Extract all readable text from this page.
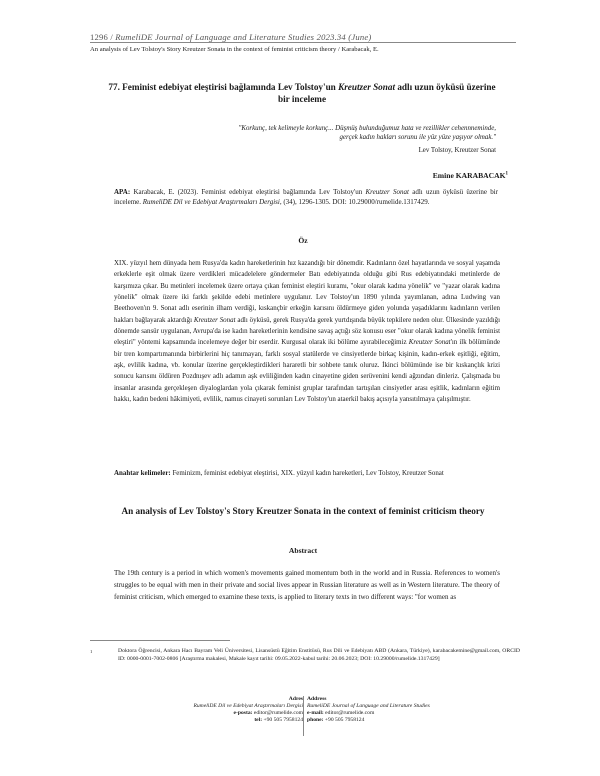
1296 / RumeliDE Journal of Language and Literature Studies 2023.34 (June)
An analysis of Lev Tolstoy's Story Kreutzer Sonata in the context of feminist criticism theory / Karabacak, E.
77. Feminist edebiyat eleştirisi bağlamında Lev Tolstoy'un Kreutzer Sonat adlı uzun öyküsü üzerine bir inceleme
"Korkunç, tek kelimeyle korkunç... Düşmüş bulunduğumuz hata ve rezillikler cehennneminde,
gerçek kadın hakları sorunu ile yüz yüze yaşıyor olmak."
Lev Tolstoy, Kreutzer Sonat
Emine KARABACAK$^1$
APA: Karabacak, E. (2023). Feminist edebiyat eleştirisi bağlamında Lev Tolstoy'un Kreutzer Sonat adlı uzun öyküsü üzerine bir inceleme. RumeliDE Dil ve Edebiyat Araştırmaları Dergisi, (34), 1296-1305. DOI: 10.29000/rumelide.1317429.
Öz
XIX. yüzyıl hem dünyada hem Rusya'da kadın hareketlerinin hız kazandığı bir dönemdir. Kadınların özel hayatlarında ve sosyal yaşamda erkeklerle eşit olmak üzere verdikleri mücadelelere göndermeler Batı edebiyatında olduğu gibi Rus edebiyatındaki metinlerde de karşımıza çıkar. Bu metinleri incelemek üzere ortaya çıkan feminist eleştiri kuramı, "okur olarak kadına yönelik" ve "yazar olarak kadına yönelik" olmak üzere iki farklı şekilde edebi metinlere uygulanır. Lev Tolstoy'un 1890 yılında yayımlanan, adına Ludwing van Beethoven'ın 9. Sonat adlı eserinin ilham verdiği, kıskançbir erkeğin karısını öldürmeye giden yolunda yaşadıklarını kadınların verilen hakları bağlayarak aktardığı Kreutzer Sonat adlı öyküsü, gerek Rusya'da gerek yurtdışında büyük tepkilere neden olur. Ülkesinde yazıldığı dönemde sansür uygulanan, Avrupa'da ise kadın hareketlerinin kendisine savaş açtığı söz konusu eser "okur olarak kadına yönelik feminist eleştiri" yöntemi kapsamında incelemeye değer bir eserdir. Kurgusal olarak iki bölüme ayırabileceğimiz Kreutzer Sonat'ın ilk bölümünde bir tren kompartımanında birbirlerini hiç tanımayan, farklı sosyal statülerde ve cinsiyetlerde birkaç kişinin, kadın-erkek eşitliği, eğitim, aşk, evlilik kadına, vb. konular üzerine gerçekleştirdikleri hararetli bir sohbete tanık oluruz. İkinci bölümünde ise bir kıskançlık krizi sonucu karısını öldüren Pozdnışev adlı adamın aşk evliliğinden kadın cinayetine giden serüvenini kendi ağzından dinleriz. Çalışmada bu insanlar arasında gerçekleşen diyaloglardan yola çıkarak feminist gruplar tarafından tartışılan cinsiyetler arası eşitlik, kadınların eğitim hakkı, kadın bedeni hâkimiyeti, evlilik, namus cinayeti sorunları Lev Tolstoy'un ataerkil bakış açısıyla yansıtılmaya çalışılmıştır.
Anahtar kelimeler: Feminizm, feminist edebiyat eleştirisi, XIX. yüzyıl kadın hareketleri, Lev Tolstoy, Kreutzer Sonat
An analysis of Lev Tolstoy's Story Kreutzer Sonata in the context of feminist criticism theory
Abstract
The 19th century is a period in which women's movements gained momentum both in the world and in Russia. References to women's struggles to be equal with men in their private and social lives appear in Russian literature as well as in Western literature. The theory of feminist criticism, which emerged to examine these texts, is applied to literary texts in two different ways: "for women as
1	Doktora Öğrencisi, Ankara Hacı Bayram Veli Üniversitesi, Lisansüstü Eğitim Enstitüsü, Rus Dili ve Edebiyatı ABD (Ankara, Türkiye), karabacakemine@gmail.com, ORCID ID: 0000-0001-7002-0806 [Araştırma makalesi, Makale kayıt tarihi: 09.05.2022-kabul tarihi: 20.06.2023; DOI: 10.29000/rumelide.1317429]
Adres
RumeliDE Dil ve Edebiyat Araştırmaları Dergisi
e-posta: editor@rumelide.com
tel: +90 505 7958124
Address
RumeliDE Journal of Language and Literature Studies
e-mail: editor@rumelide.com
phone: +90 505 7958124
